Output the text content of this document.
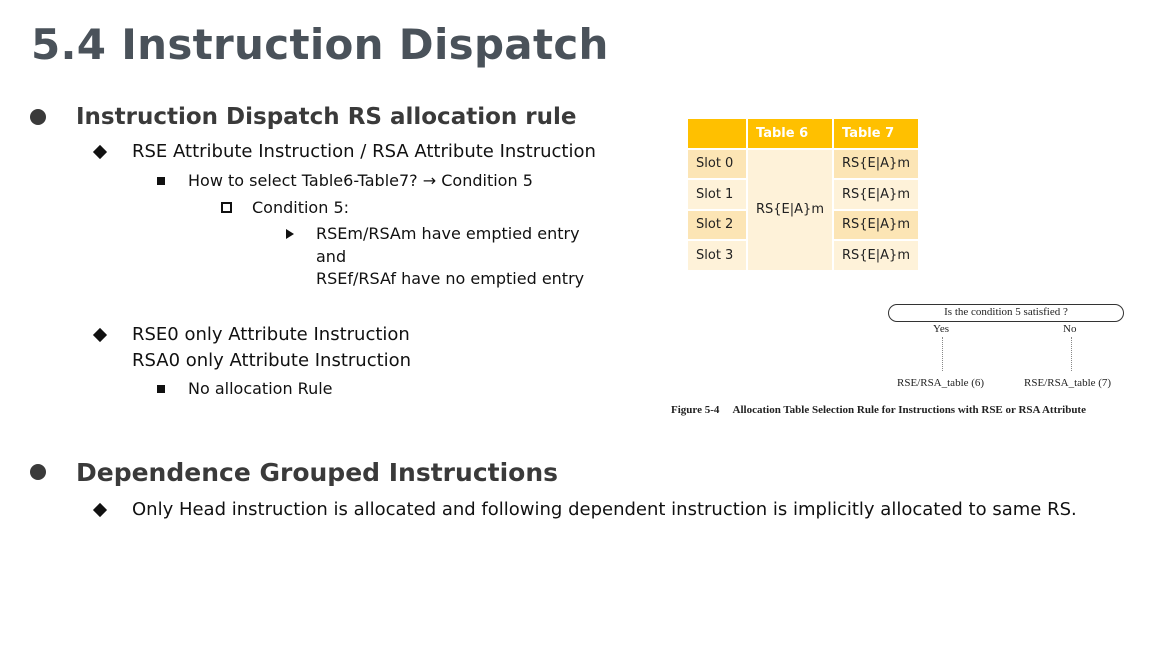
5.4 Instruction Dispatch
Instruction Dispatch RS allocation rule
RSE Attribute Instruction / RSA Attribute Instruction
How to select Table6-Table7? → Condition 5
Condition 5:
RSEm/RSAm have emptied entry
and
RSEf/RSAf have no emptied entry
RSE0 only Attribute Instruction
RSA0 only Attribute Instruction
No allocation Rule
Dependence Grouped Instructions
Only Head instruction is allocated and following dependent instruction is implicitly allocated to same RS.
	Table 6	Table 7
Slot 0	RS{E|A}m	RS{E|A}m
Slot 1		RS{E|A}m
Slot 2		RS{E|A}m
Slot 3		RS{E|A}m
Is the condition 5 satisfied ?
Yes	No
RSE/RSA_table (6)	RSE/RSA_table (7)
Figure 5-4 Allocation Table Selection Rule for Instructions with RSE or RSA Attribute
